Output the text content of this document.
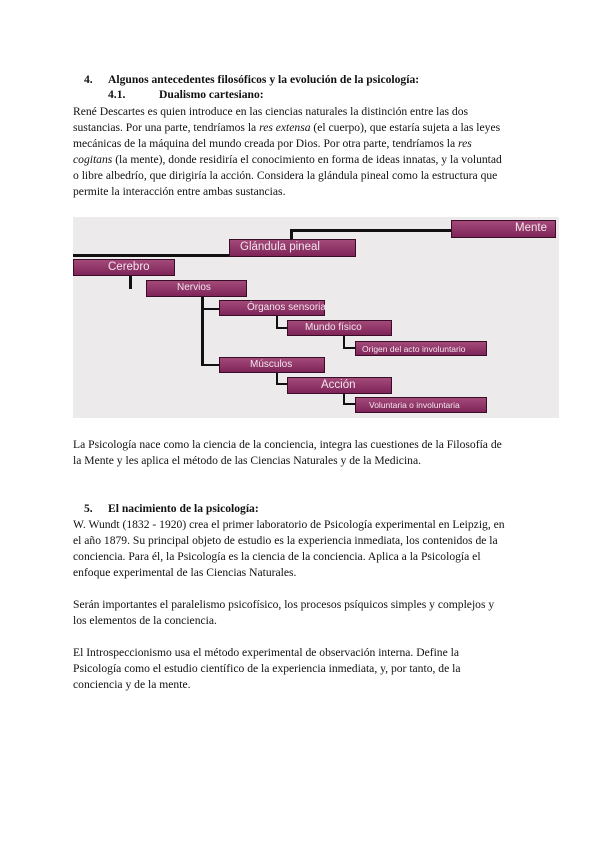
4. Algunos antecedentes filosóficos y la evolución de la psicología:
4.1.	Dualismo cartesiano:
René Descartes es quien introduce en las ciencias naturales la distinción entre las dos
sustancias. Por una parte, tendríamos la res extensa (el cuerpo), que estaría sujeta a las leyes
mecánicas de la máquina del mundo creada por Dios. Por otra parte, tendríamos la res
cogitans (la mente), donde residiría el conocimiento en forma de ideas innatas, y la voluntad
o libre albedrío, que dirigiría la acción. Considera la glándula pineal como la estructura que
permite la interacción entre ambas sustancias.
Mente
Glándula pineal
Cerebro
Nervios
Órganos sensoriales
Mundo físico
Origen del acto involuntario
Músculos
Acción
Voluntaria o involuntaria
La Psicología nace como la ciencia de la conciencia, integra las cuestiones de la Filosofía de
la Mente y les aplica el método de las Ciencias Naturales y de la Medicina.
5. El nacimiento de la psicología:
W. Wundt (1832 - 1920) crea el primer laboratorio de Psicología experimental en Leipzig, en
el año 1879. Su principal objeto de estudio es la experiencia inmediata, los contenidos de la
conciencia. Para él, la Psicología es la ciencia de la conciencia. Aplica a la Psicología el
enfoque experimental de las Ciencias Naturales.
Serán importantes el paralelismo psicofísico, los procesos psíquicos simples y complejos y
los elementos de la conciencia.
El Introspeccionismo usa el método experimental de observación interna. Define la
Psicología como el estudio científico de la experiencia inmediata, y, por tanto, de la
conciencia y de la mente.
